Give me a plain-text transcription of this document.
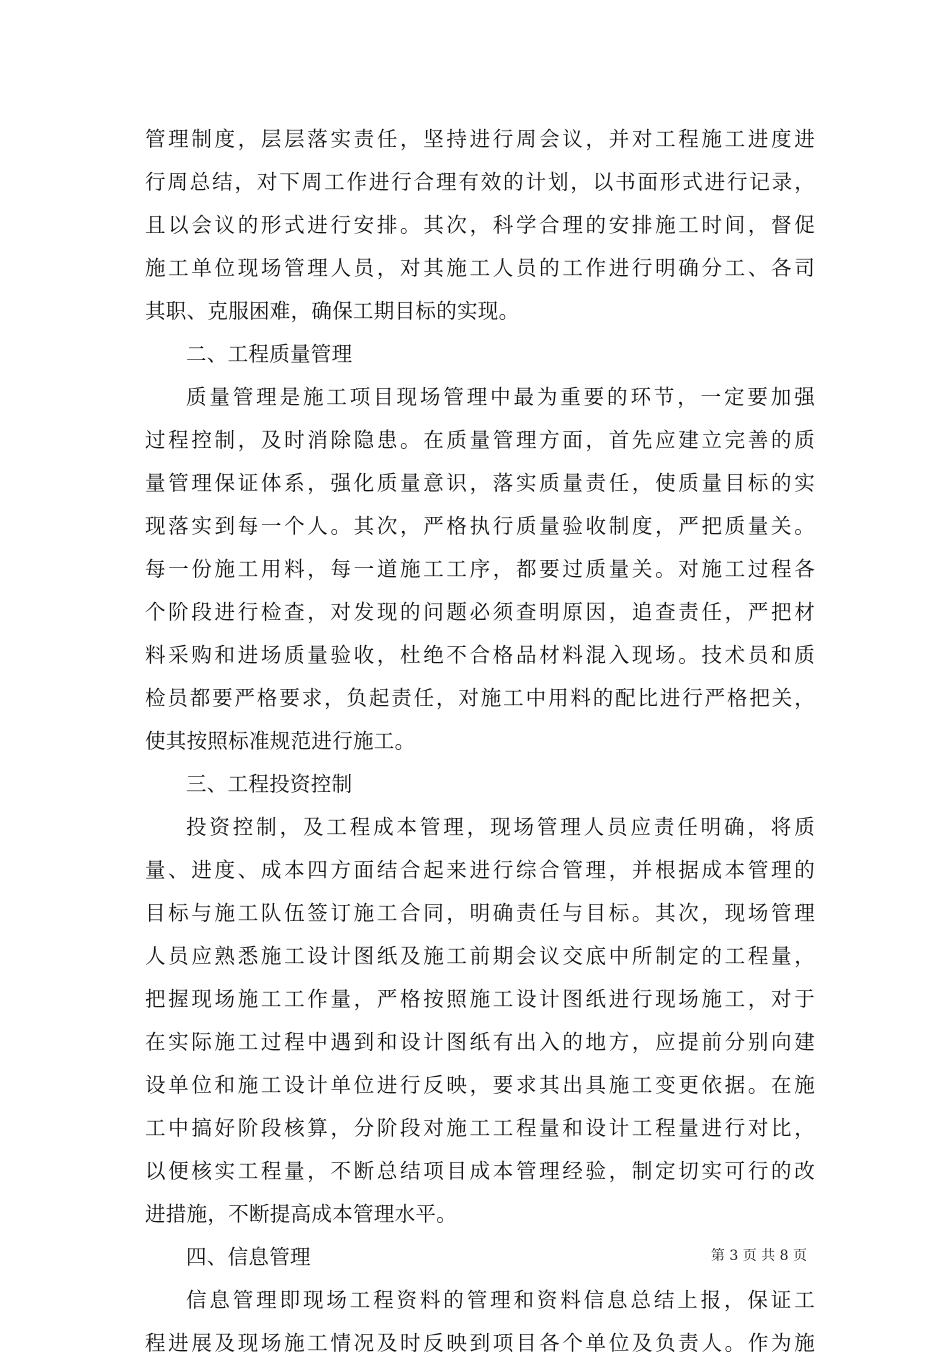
管理制度，层层落实责任，坚持进行周会议，并对工程施工进度进
行周总结，对下周工作进行合理有效的计划，以书面形式进行记录，
且以会议的形式进行安排。其次，科学合理的安排施工时间，督促
施工单位现场管理人员，对其施工人员的工作进行明确分工、各司
其职、克服困难，确保工期目标的实现。
二、工程质量管理
质量管理是施工项目现场管理中最为重要的环节，一定要加强
过程控制，及时消除隐患。在质量管理方面，首先应建立完善的质
量管理保证体系，强化质量意识，落实质量责任，使质量目标的实
现落实到每一个人。其次，严格执行质量验收制度，严把质量关。
每一份施工用料，每一道施工工序，都要过质量关。对施工过程各
个阶段进行检查，对发现的问题必须查明原因，追查责任，严把材
料采购和进场质量验收，杜绝不合格品材料混入现场。技术员和质
检员都要严格要求，负起责任，对施工中用料的配比进行严格把关，
使其按照标准规范进行施工。
三、工程投资控制
投资控制，及工程成本管理，现场管理人员应责任明确，将质
量、进度、成本四方面结合起来进行综合管理，并根据成本管理的
目标与施工队伍签订施工合同，明确责任与目标。其次，现场管理
人员应熟悉施工设计图纸及施工前期会议交底中所制定的工程量，
把握现场施工工作量，严格按照施工设计图纸进行现场施工，对于
在实际施工过程中遇到和设计图纸有出入的地方，应提前分别向建
设单位和施工设计单位进行反映，要求其出具施工变更依据。在施
工中搞好阶段核算，分阶段对施工工程量和设计工程量进行对比，
以便核实工程量，不断总结项目成本管理经验，制定切实可行的改
进措施，不断提高成本管理水平。
四、信息管理
信息管理即现场工程资料的管理和资料信息总结上报，保证工
程进展及现场施工情况及时反映到项目各个单位及负责人。作为施
第 3 页 共 8 页
